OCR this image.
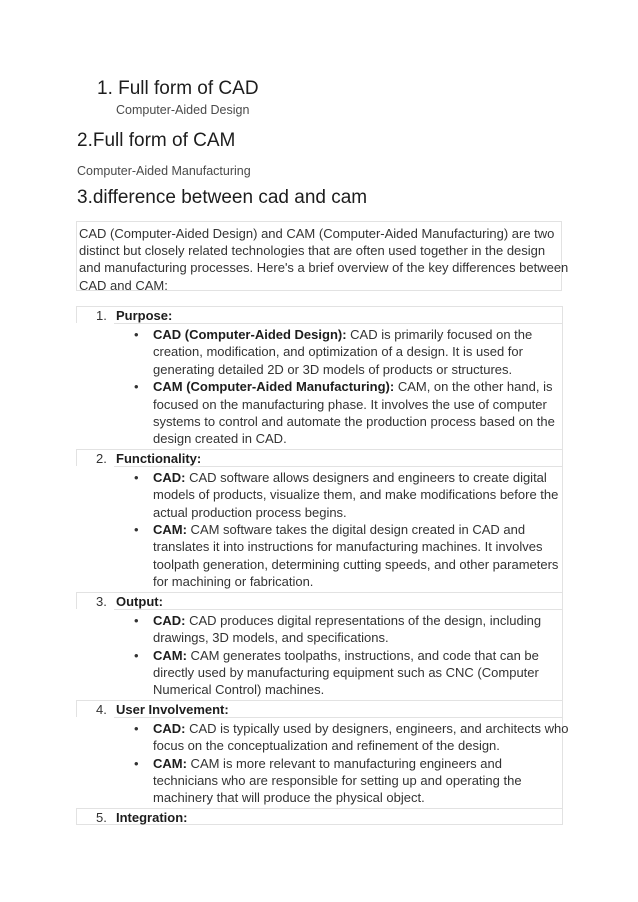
1. Full form of CAD
Computer-Aided Design
2.Full form of CAM
Computer-Aided Manufacturing
3.difference between cad and cam
CAD (Computer-Aided Design) and CAM (Computer-Aided Manufacturing) are two
distinct but closely related technologies that are often used together in the design
and manufacturing processes. Here's a brief overview of the key differences between
CAD and CAM:
1. Purpose:
• CAD (Computer-Aided Design): CAD is primarily focused on the
creation, modification, and optimization of a design. It is used for
generating detailed 2D or 3D models of products or structures.
• CAM (Computer-Aided Manufacturing): CAM, on the other hand, is
focused on the manufacturing phase. It involves the use of computer
systems to control and automate the production process based on the
design created in CAD.
2. Functionality:
• CAD: CAD software allows designers and engineers to create digital
models of products, visualize them, and make modifications before the
actual production process begins.
• CAM: CAM software takes the digital design created in CAD and
translates it into instructions for manufacturing machines. It involves
toolpath generation, determining cutting speeds, and other parameters
for machining or fabrication.
3. Output:
• CAD: CAD produces digital representations of the design, including
drawings, 3D models, and specifications.
• CAM: CAM generates toolpaths, instructions, and code that can be
directly used by manufacturing equipment such as CNC (Computer
Numerical Control) machines.
4. User Involvement:
• CAD: CAD is typically used by designers, engineers, and architects who
focus on the conceptualization and refinement of the design.
• CAM: CAM is more relevant to manufacturing engineers and
technicians who are responsible for setting up and operating the
machinery that will produce the physical object.
5. Integration:
